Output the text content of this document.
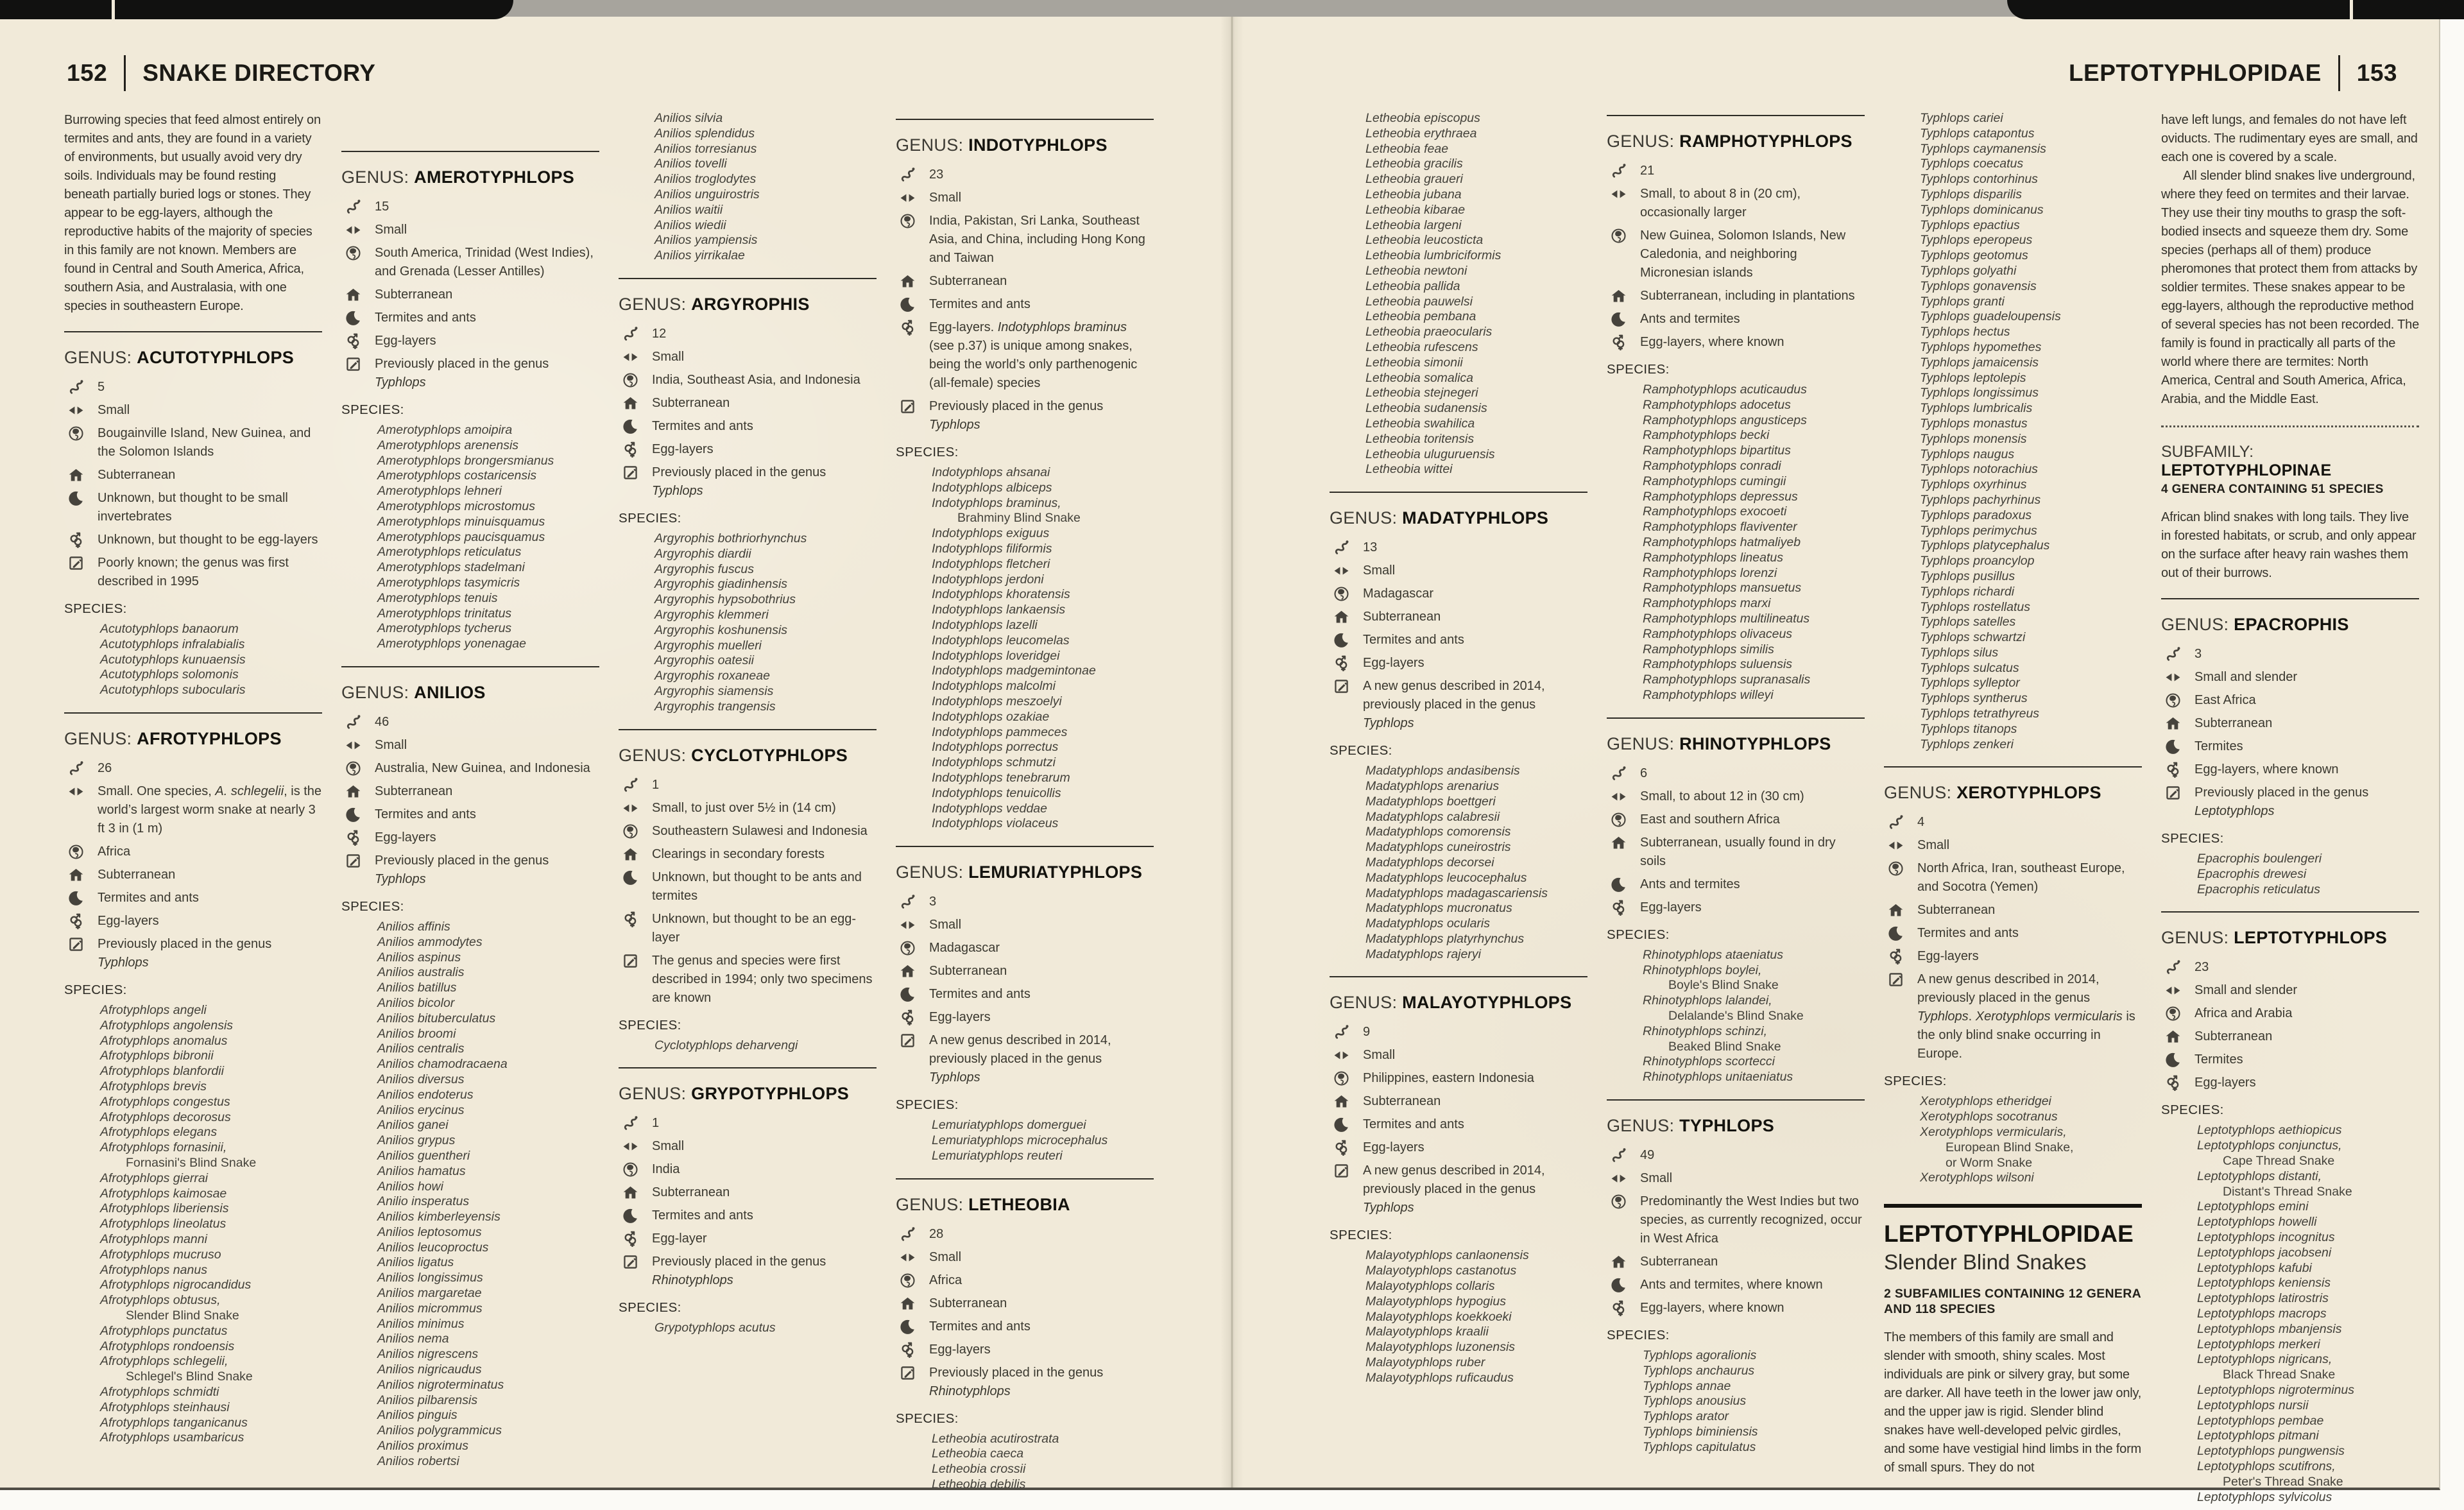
152 SNAKE DIRECTORY	LEPTOTYPHLOPIDAE 153

Burrowing species that feed almost entirely on termites and ants, they are found in a variety of environments, but usually avoid very dry soils. Individuals may be found resting beneath partially buried logs or stones. They appear to be egg-layers, although the reproductive habits of the majority of species in this family are not known. Members are found in Central and South America, Africa, southern Asia, and Australasia, with one species in southeastern Europe.

GENUS: ACUTOTYPHLOPS
5
Small
Bougainville Island, New Guinea, and the Solomon Islands
Subterranean
Unknown, but thought to be small invertebrates
Unknown, but thought to be egg-layers
Poorly known; the genus was first described in 1995
SPECIES:
Acutotyphlops banaorum
Acutotyphlops infralabialis
Acutotyphlops kunuaensis
Acutotyphlops solomonis
Acutotyphlops subocularis
GENUS: AFROTYPHLOPS
26
Small. One species, A. schlegelii, is the world’s largest worm snake at nearly 3 ft 3 in (1 m)
Africa
Subterranean
Termites and ants
Egg-layers
Previously placed in the genus Typhlops
SPECIES:
Afrotyphlops angeli
Afrotyphlops angolensis
Afrotyphlops anomalus
Afrotyphlops bibronii
Afrotyphlops blanfordii
Afrotyphlops brevis
Afrotyphlops congestus
Afrotyphlops decorosus
Afrotyphlops elegans
Afrotyphlops fornasinii,
Fornasini's Blind Snake
Afrotyphlops gierrai
Afrotyphlops kaimosae
Afrotyphlops liberiensis
Afrotyphlops lineolatus
Afrotyphlops manni
Afrotyphlops mucruso
Afrotyphlops nanus
Afrotyphlops nigrocandidus
Afrotyphlops obtusus,
Slender Blind Snake
Afrotyphlops punctatus
Afrotyphlops rondoensis
Afrotyphlops schlegelii,
Schlegel's Blind Snake
Afrotyphlops schmidti
Afrotyphlops steinhausi
Afrotyphlops tanganicanus
Afrotyphlops usambaricus
GENUS: AMEROTYPHLOPS
15
Small
South America, Trinidad (West Indies), and Grenada (Lesser Antilles)
Subterranean
Termites and ants
Egg-layers
Previously placed in the genus Typhlops
SPECIES:
Amerotyphlops amoipira
Amerotyphlops arenensis
Amerotyphlops brongersmianus
Amerotyphlops costaricensis
Amerotyphlops lehneri
Amerotyphlops microstomus
Amerotyphlops minuisquamus
Amerotyphlops paucisquamus
Amerotyphlops reticulatus
Amerotyphlops stadelmani
Amerotyphlops tasymicris
Amerotyphlops tenuis
Amerotyphlops trinitatus
Amerotyphlops tycherus
Amerotyphlops yonenagae
GENUS: ANILIOS
46
Small
Australia, New Guinea, and Indonesia
Subterranean
Termites and ants
Egg-layers
Previously placed in the genus Typhlops
SPECIES:
Anilios affinis
Anilios ammodytes
Anilios aspinus
Anilios australis
Anilios batillus
Anilios bicolor
Anilios bituberculatus
Anilios broomi
Anilios centralis
Anilios chamodracaena
Anilios diversus
Anilios endoterus
Anilios erycinus
Anilios ganei
Anilios grypus
Anilios guentheri
Anilios hamatus
Anilios howi
Anilio insperatus
Anilios kimberleyensis
Anilios leptosomus
Anilios leucoproctus
Anilios ligatus
Anilios longissimus
Anilios margaretae
Anilios micrommus
Anilios minimus
Anilios nema
Anilios nigrescens
Anilios nigricaudus
Anilios nigroterminatus
Anilios pilbarensis
Anilios pinguis
Anilios polygrammicus
Anilios proximus
Anilios robertsi
Anilios silvia
Anilios splendidus
Anilios torresianus
Anilios tovelli
Anilios troglodytes
Anilios unguirostris
Anilios waitii
Anilios wiedii
Anilios yampiensis
Anilios yirrikalae
GENUS: ARGYROPHIS
12
Small
India, Southeast Asia, and Indonesia
Subterranean
Termites and ants
Egg-layers
Previously placed in the genus Typhlops
SPECIES:
Argyrophis bothriorhynchus
Argyrophis diardii
Argyrophis fuscus
Argyrophis giadinhensis
Argyrophis hypsobothrius
Argyrophis klemmeri
Argyrophis koshunensis
Argyrophis muelleri
Argyrophis oatesii
Argyrophis roxaneae
Argyrophis siamensis
Argyrophis trangensis
GENUS: CYCLOTYPHLOPS
1
Small, to just over 5½ in (14 cm)
Southeastern Sulawesi and Indonesia
Clearings in secondary forests
Unknown, but thought to be ants and termites
Unknown, but thought to be an egg-layer
The genus and species were first described in 1994; only two specimens are known
SPECIES:
Cyclotyphlops deharvengi
GENUS: GRYPOTYPHLOPS
1
Small
India
Subterranean
Termites and ants
Egg-layer
Previously placed in the genus Rhinotyphlops
SPECIES:
Grypotyphlops acutus
GENUS: INDOTYPHLOPS
23
Small
India, Pakistan, Sri Lanka, Southeast Asia, and China, including Hong Kong and Taiwan
Subterranean
Termites and ants
Egg-layers. Indotyphlops braminus (see p.37) is unique among snakes, being the world’s only parthenogenic (all-female) species
Previously placed in the genus Typhlops
SPECIES:
Indotyphlops ahsanai
Indotyphlops albiceps
Indotyphlops braminus,
Brahminy Blind Snake
Indotyphlops exiguus
Indotyphlops filiformis
Indotyphlops fletcheri
Indotyphlops jerdoni
Indotyphlops khoratensis
Indotyphlops lankaensis
Indotyphlops lazelli
Indotyphlops leucomelas
Indotyphlops loveridgei
Indotyphlops madgemintonae
Indotyphlops malcolmi
Indotyphlops meszoelyi
Indotyphlops ozakiae
Indotyphlops pammeces
Indotyphlops porrectus
Indotyphlops schmutzi
Indotyphlops tenebrarum
Indotyphlops tenuicollis
Indotyphlops veddae
Indotyphlops violaceus
GENUS: LEMURIATYPHLOPS
3
Small
Madagascar
Subterranean
Termites and ants
Egg-layers
A new genus described in 2014, previously placed in the genus Typhlops
SPECIES:
Lemuriatyphlops domerguei
Lemuriatyphlops microcephalus
Lemuriatyphlops reuteri
GENUS: LETHEOBIA
28
Small
Africa
Subterranean
Termites and ants
Egg-layers
Previously placed in the genus Rhinotyphlops
SPECIES:
Letheobia acutirostrata
Letheobia caeca
Letheobia crossii
Letheobia debilis
Letheobia episcopus
Letheobia erythraea
Letheobia feae
Letheobia gracilis
Letheobia graueri
Letheobia jubana
Letheobia kibarae
Letheobia largeni
Letheobia leucosticta
Letheobia lumbriciformis
Letheobia newtoni
Letheobia pallida
Letheobia pauwelsi
Letheobia pembana
Letheobia praeocularis
Letheobia rufescens
Letheobia simonii
Letheobia somalica
Letheobia stejnegeri
Letheobia sudanensis
Letheobia swahilica
Letheobia toritensis
Letheobia uluguruensis
Letheobia wittei
GENUS: MADATYPHLOPS
13
Small
Madagascar
Subterranean
Termites and ants
Egg-layers
A new genus described in 2014, previously placed in the genus Typhlops
SPECIES:
Madatyphlops andasibensis
Madatyphlops arenarius
Madatyphlops boettgeri
Madatyphlops calabresii
Madatyphlops comorensis
Madatyphlops cuneirostris
Madatyphlops decorsei
Madatyphlops leucocephalus
Madatyphlops madagascariensis
Madatyphlops mucronatus
Madatyphlops ocularis
Madatyphlops platyrhynchus
Madatyphlops rajeryi
GENUS: MALAYOTYPHLOPS
9
Small
Philippines, eastern Indonesia
Subterranean
Termites and ants
Egg-layers
A new genus described in 2014, previously placed in the genus Typhlops
SPECIES:
Malayotyphlops canlaonensis
Malayotyphlops castanotus
Malayotyphlops collaris
Malayotyphlops hypogius
Malayotyphlops koekkoeki
Malayotyphlops kraalii
Malayotyphlops luzonensis
Malayotyphlops ruber
Malayotyphlops ruficaudus
GENUS: RAMPHOTYPHLOPS
21
Small, to about 8 in (20 cm), occasionally larger
New Guinea, Solomon Islands, New Caledonia, and neighboring Micronesian islands
Subterranean, including in plantations
Ants and termites
Egg-layers, where known
SPECIES:
Ramphotyphlops acuticaudus
Ramphotyphlops adocetus
Ramphotyphlops angusticeps
Ramphotyphlops becki
Ramphotyphlops bipartitus
Ramphotyphlops conradi
Ramphotyphlops cumingii
Ramphotyphlops depressus
Ramphotyphlops exocoeti
Ramphotyphlops flaviventer
Ramphotyphlops hatmaliyeb
Ramphotyphlops lineatus
Ramphotyphlops lorenzi
Ramphotyphlops mansuetus
Ramphotyphlops marxi
Ramphotyphlops multilineatus
Ramphotyphlops olivaceus
Ramphotyphlops similis
Ramphotyphlops suluensis
Ramphotyphlops supranasalis
Ramphotyphlops willeyi
GENUS: RHINOTYPHLOPS
6
Small, to about 12 in (30 cm)
East and southern Africa
Subterranean, usually found in dry soils
Ants and termites
Egg-layers
SPECIES:
Rhinotyphlops ataeniatus
Rhinotyphlops boylei,
Boyle's Blind Snake
Rhinotyphlops lalandei,
Delalande's Blind Snake
Rhinotyphlops schinzi,
Beaked Blind Snake
Rhinotyphlops scortecci
Rhinotyphlops unitaeniatus
GENUS: TYPHLOPS
49
Small
Predominantly the West Indies but two species, as currently recognized, occur in West Africa
Subterranean
Ants and termites, where known
Egg-layers, where known
SPECIES:
Typhlops agoralionis
Typhlops anchaurus
Typhlops annae
Typhlops anousius
Typhlops arator
Typhlops biminiensis
Typhlops capitulatus
Typhlops cariei
Typhlops catapontus
Typhlops caymanensis
Typhlops coecatus
Typhlops contorhinus
Typhlops disparilis
Typhlops dominicanus
Typhlops epactius
Typhlops eperopeus
Typhlops geotomus
Typhlops golyathi
Typhlops gonavensis
Typhlops granti
Typhlops guadeloupensis
Typhlops hectus
Typhlops hypomethes
Typhlops jamaicensis
Typhlops leptolepis
Typhlops longissimus
Typhlops lumbricalis
Typhlops monastus
Typhlops monensis
Typhlops naugus
Typhlops notorachius
Typhlops oxyrhinus
Typhlops pachyrhinus
Typhlops paradoxus
Typhlops perimychus
Typhlops platycephalus
Typhlops proancylop
Typhlops pusillus
Typhlops richardi
Typhlops rostellatus
Typhlops satelles
Typhlops schwartzi
Typhlops silus
Typhlops sulcatus
Typhlops sylleptor
Typhlops syntherus
Typhlops tetrathyreus
Typhlops titanops
Typhlops zenkeri
GENUS: XEROTYPHLOPS
4
Small
North Africa, Iran, southeast Europe, and Socotra (Yemen)
Subterranean
Termites and ants
Egg-layers
A new genus described in 2014, previously placed in the genus Typhlops. Xerotyphlops vermicularis is the only blind snake occurring in Europe.
SPECIES:
Xerotyphlops etheridgei
Xerotyphlops socotranus
Xerotyphlops vermicularis,
European Blind Snake,
or Worm Snake
Xerotyphlops wilsoni
LEPTOTYPHLOPIDAE
Slender Blind Snakes
2 SUBFAMILIES CONTAINING 12 GENERA AND 118 SPECIES

The members of this family are small and slender with smooth, shiny scales. Most individuals are pink or silvery gray, but some are darker. All have teeth in the lower jaw only, and the upper jaw is rigid. Slender blind snakes have well-developed pelvic girdles, and some have vestigial hind limbs in the form of small spurs. They do not

have left lungs, and females do not have left oviducts. The rudimentary eyes are small, and each one is covered by a scale.

All slender blind snakes live underground, where they feed on termites and their larvae. They use their tiny mouths to grasp the soft-bodied insects and squeeze them dry. Some species (perhaps all of them) produce pheromones that protect them from attacks by soldier termites. These snakes appear to be egg-layers, although the reproductive method of several species has not been recorded. The family is found in practically all parts of the world where there are termites: North America, Central and South America, Africa, Arabia, and the Middle East.

SUBFAMILY: LEPTOTYPHLOPINAE
4 GENERA CONTAINING 51 SPECIES

African blind snakes with long tails. They live in forested habitats, or scrub, and only appear on the surface after heavy rain washes them out of their burrows.

GENUS: EPACROPHIS
3
Small and slender
East Africa
Subterranean
Termites
Egg-layers, where known
Previously placed in the genus Leptotyphlops
SPECIES:
Epacrophis boulengeri
Epacrophis drewesi
Epacrophis reticulatus
GENUS: LEPTOTYPHLOPS
23
Small and slender
Africa and Arabia
Subterranean
Termites
Egg-layers
SPECIES:
Leptotyphlops aethiopicus
Leptotyphlops conjunctus,
Cape Thread Snake
Leptotyphlops distanti,
Distant's Thread Snake
Leptotyphlops emini
Leptotyphlops howelli
Leptotyphlops incognitus
Leptotyphlops jacobseni
Leptotyphlops kafubi
Leptotyphlops keniensis
Leptotyphlops latirostris
Leptotyphlops macrops
Leptotyphlops mbanjensis
Leptotyphlops merkeri
Leptotyphlops nigricans,
Black Thread Snake
Leptotyphlops nigroterminus
Leptotyphlops nursii
Leptotyphlops pembae
Leptotyphlops pitmani
Leptotyphlops pungwensis
Leptotyphlops scutifrons,
Peter's Thread Snake
Leptotyphlops sylvicolus
